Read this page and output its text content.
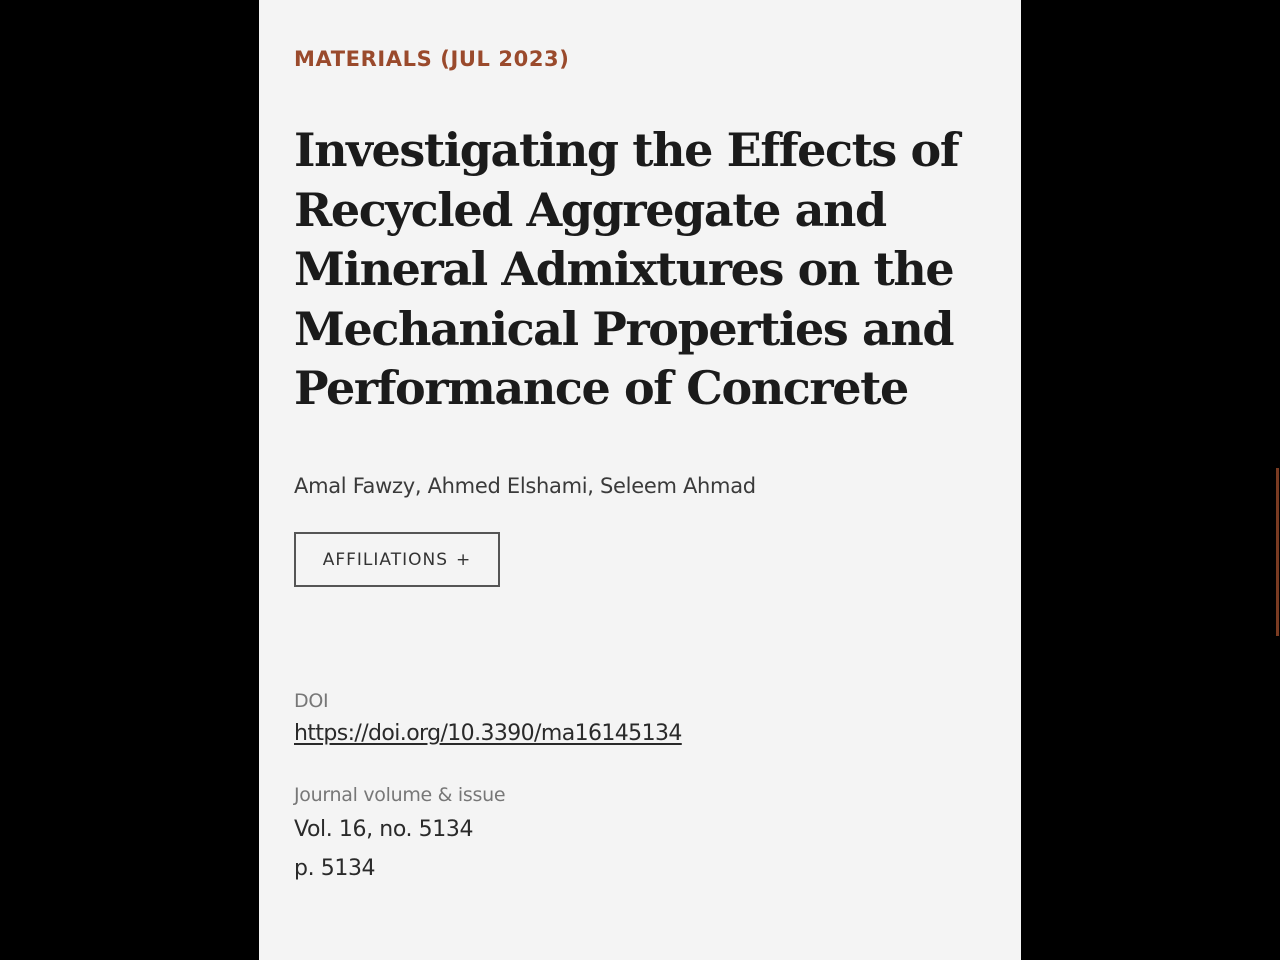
MATERIALS (JUL 2023)
Investigating the Effects of Recycled Aggregate and Mineral Admixtures on the Mechanical Properties and Performance of Concrete
Amal Fawzy, Ahmed Elshami, Seleem Ahmad
AFFILIATIONS +
DOI
https://doi.org/10.3390/ma16145134
Journal volume & issue
Vol. 16, no. 5134
p. 5134
